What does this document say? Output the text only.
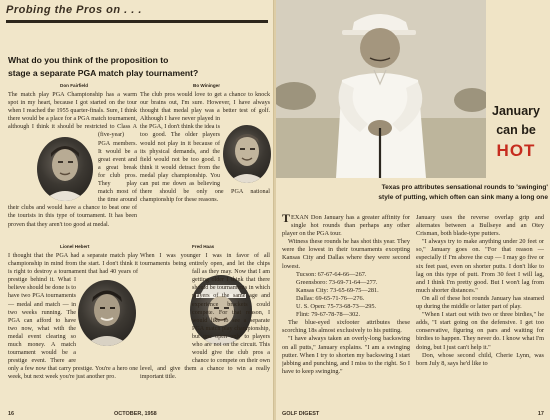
Probing the Pros on . . .
What do you think of the proposition to
stage a separate PGA match play tournament?
Don Fairfield
The match play PGA Championship has a warm spot in my heart, because I got started on the tour when I reached the 1955 quarter-finals. Sure, I think there would be a place for a PGA match tournament, although I think it should be restricted to Class A (five-year) PGA members. It would be a great event and a great break for club pros. They play match most of the time around their clubs and would have a chance to beat one of the tourists in this type of tournament. It has been proven that they aren't too good at medal.
Bo Wininger
The club pros would love to get a chance to knock our brains out, I'm sure. However, I have always thought that medal play was a better test of golf. Although I have never played in the PGA, I don't think the idea is too good. The older players would not play in it because of its physical demands, and the field would not be too good. I think it would detract from the medal play championship. You can put me down as believing there should be only one PGA national championship for these reasons.
Lionel Hebert
I thought that the PGA had a separate match play championship in mind from the start. I don't think it is right to destroy a tournament that had 40 years of prestige behind it. What I believe should be done is to have two PGA tournaments — medal and match — in two weeks running. The PGA can afford to have two now, what with the medal event clearing so much money. A match tournament would be a prestige event. There are only a few now that carry prestige. You're a hero one week, but next week you're just another pro.
Fred Haas
When I was younger I was in favor of all tournaments being entirely open, and let the chips fall as they may. Now that I am getting older I think that there should be tournaments in which players of the same age and experience brackets could compete. For that reason, I would like to see a separate PGA match play championship, but one open only to players who are not on the circuit. This would give the club pros a chance to compete on their own level, and give them a chance to win a really important title.
16	OCTOBER, 1958
January
can be
HOT
Texas pro attributes sensational rounds to 'swinging'
style of putting, which often can sink many a long one

TEXAN Don January has a greater affinity for single hot rounds than perhaps any other player on the PGA tour.

Witness these rounds he has shot this year. They were the lowest in their tournaments excepting Kansas City and Dallas where they were second lowest.

Tucson: 67-67-64-66—267.
Greensboro: 73-69-71-64—277.
Kansas City: 73-65-69-75—281.
Dallas: 69-65-71-76—276.
U. S. Open: 75-73-68-73—295.
Flint: 79-67-78-78—302.

The blue-eyed sixfooter attributes these scorching 18s almost exclusively to his putting.

"I have always taken an overly-long backswing on all putts," January explains. "I am a swinging putter. When I try to shorten my backswing I start jabbing and punching, and I miss to the right. So I have to keep swinging."

January uses the reverse overlap grip and alternates between a Bullseye and an Otey Crisman, both blade-type putters.

"I always try to make anything under 20 feet or so," January goes on. "For that reason — especially if I'm above the cup — I may go five or six feet past, even on shorter putts. I don't like to lag on this type of putt. From 30 feet I will lag, and I think I'm pretty good. But I won't lag from much shorter distances."

On all of these hot rounds January has steamed up during the middle or latter part of play.

"When I start out with two or three birdies," he adds, "I start going on the defensive. I get too conservative, figuring on pars and waiting for birdies to happen. They never do. I know what I'm doing, but I just can't help it."

Don, whose second child, Cherie Lynn, was born July 8, says he'd like to

GOLF DIGEST	17
